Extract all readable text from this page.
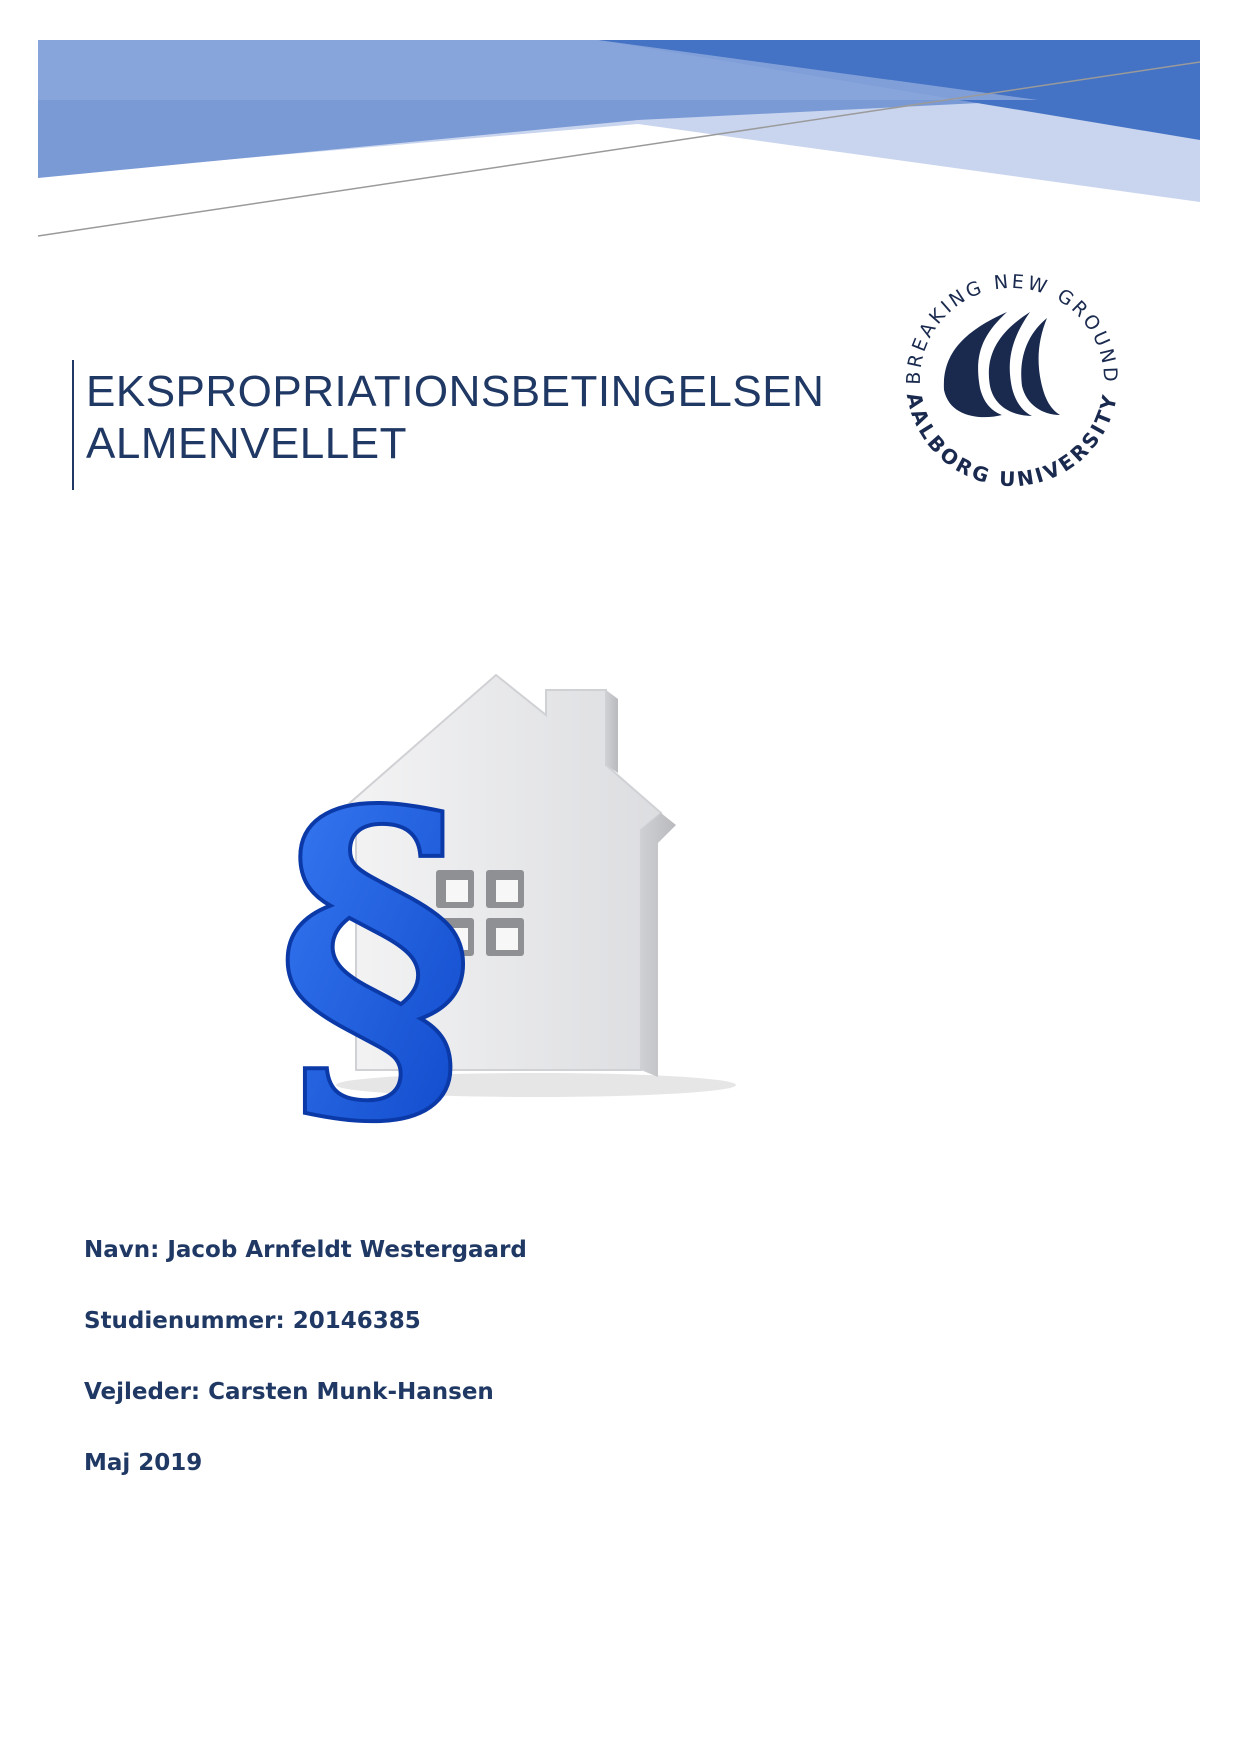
EKSPROPRIATIONSBETINGELSEN
ALMENVELLET
BREAKING NEW GROUND
AALBORG UNIVERSITY
§
Navn: Jacob Arnfeldt Westergaard
Studienummer: 20146385
Vejleder: Carsten Munk-Hansen
Maj 2019
